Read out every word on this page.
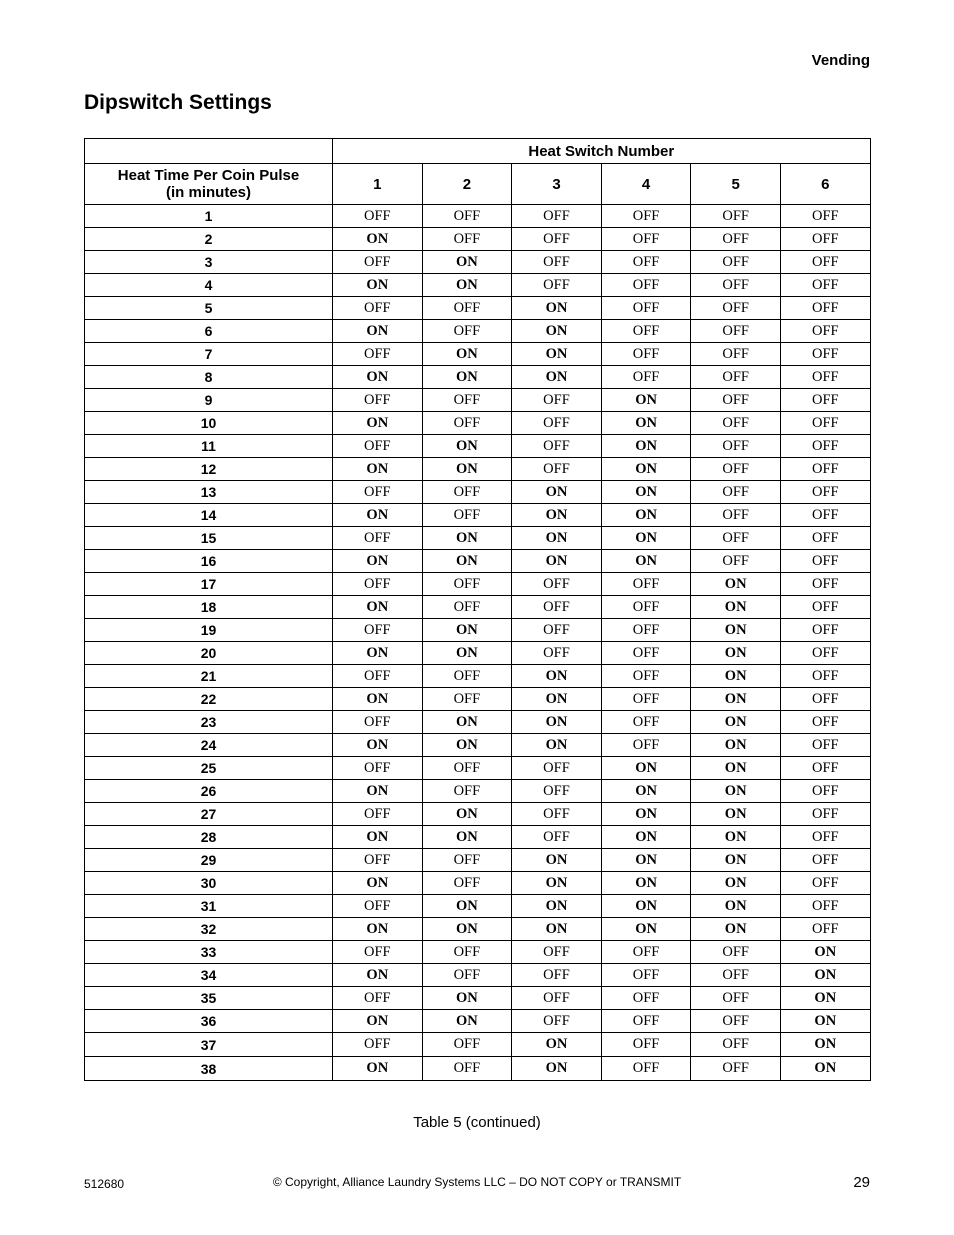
Vending
Dipswitch Settings
	Heat Switch Number					
Heat Time Per Coin Pulse
(in minutes)	1	2	3	4	5	6
1	OFF	OFF	OFF	OFF	OFF	OFF
2	ON	OFF	OFF	OFF	OFF	OFF
3	OFF	ON	OFF	OFF	OFF	OFF
4	ON	ON	OFF	OFF	OFF	OFF
5	OFF	OFF	ON	OFF	OFF	OFF
6	ON	OFF	ON	OFF	OFF	OFF
7	OFF	ON	ON	OFF	OFF	OFF
8	ON	ON	ON	OFF	OFF	OFF
9	OFF	OFF	OFF	ON	OFF	OFF
10	ON	OFF	OFF	ON	OFF	OFF
11	OFF	ON	OFF	ON	OFF	OFF
12	ON	ON	OFF	ON	OFF	OFF
13	OFF	OFF	ON	ON	OFF	OFF
14	ON	OFF	ON	ON	OFF	OFF
15	OFF	ON	ON	ON	OFF	OFF
16	ON	ON	ON	ON	OFF	OFF
17	OFF	OFF	OFF	OFF	ON	OFF
18	ON	OFF	OFF	OFF	ON	OFF
19	OFF	ON	OFF	OFF	ON	OFF
20	ON	ON	OFF	OFF	ON	OFF
21	OFF	OFF	ON	OFF	ON	OFF
22	ON	OFF	ON	OFF	ON	OFF
23	OFF	ON	ON	OFF	ON	OFF
24	ON	ON	ON	OFF	ON	OFF
25	OFF	OFF	OFF	ON	ON	OFF
26	ON	OFF	OFF	ON	ON	OFF
27	OFF	ON	OFF	ON	ON	OFF
28	ON	ON	OFF	ON	ON	OFF
29	OFF	OFF	ON	ON	ON	OFF
30	ON	OFF	ON	ON	ON	OFF
31	OFF	ON	ON	ON	ON	OFF
32	ON	ON	ON	ON	ON	OFF
33	OFF	OFF	OFF	OFF	OFF	ON
34	ON	OFF	OFF	OFF	OFF	ON
35	OFF	ON	OFF	OFF	OFF	ON
36	ON	ON	OFF	OFF	OFF	ON
37	OFF	OFF	ON	OFF	OFF	ON
38	ON	OFF	ON	OFF	OFF	ON
Table 5 (continued)
512680	© Copyright, Alliance Laundry Systems LLC – DO NOT COPY or TRANSMIT	29
